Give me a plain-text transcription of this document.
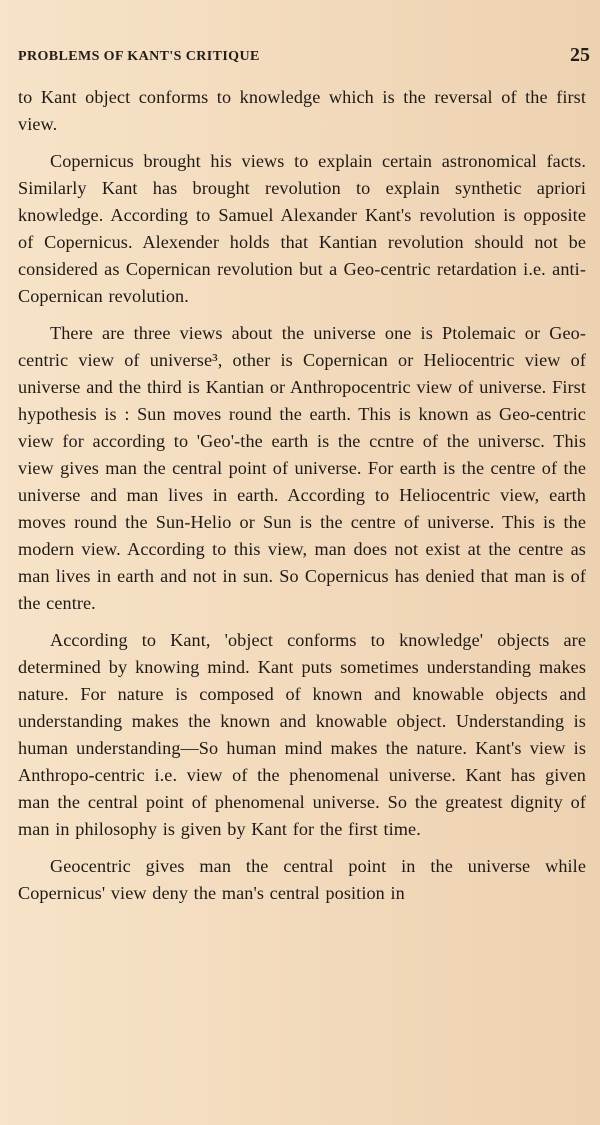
PROBLEMS OF KANT'S CRITIQUE	25

to Kant object conforms to knowledge which is the reversal of the first view.

Copernicus brought his views to explain certain astronomical facts. Similarly Kant has brought revolution to explain synthetic apriori knowledge. According to Samuel Alexander Kant's revolution is opposite of Copernicus. Alexender holds that Kantian revolution should not be considered as Copernican revolution but a Geo-centric retardation i.e. anti-Copernican revolution.

There are three views about the universe one is Ptolemaic or Geo-centric view of universe³, other is Copernican or Heliocentric view of universe and the third is Kantian or Anthropocentric view of universe. First hypothesis is : Sun moves round the earth. This is known as Geo-centric view for according to 'Geo'-the earth is the ccntre of the universc. This view gives man the central point of universe. For earth is the centre of the universe and man lives in earth. According to Heliocentric view, earth moves round the Sun-Helio or Sun is the centre of universe. This is the modern view. According to this view, man does not exist at the centre as man lives in earth and not in sun. So Copernicus has denied that man is of the centre.

According to Kant, 'object conforms to knowledge' objects are determined by knowing mind. Kant puts sometimes understanding makes nature. For nature is composed of known and knowable objects and understanding makes the known and knowable object. Understanding is human understanding—So human mind makes the nature. Kant's view is Anthropo-centric i.e. view of the phenomenal universe. Kant has given man the central point of phenomenal universe. So the greatest dignity of man in philosophy is given by Kant for the first time.

Geocentric gives man the central point in the universe while Copernicus' view deny the man's central position in
